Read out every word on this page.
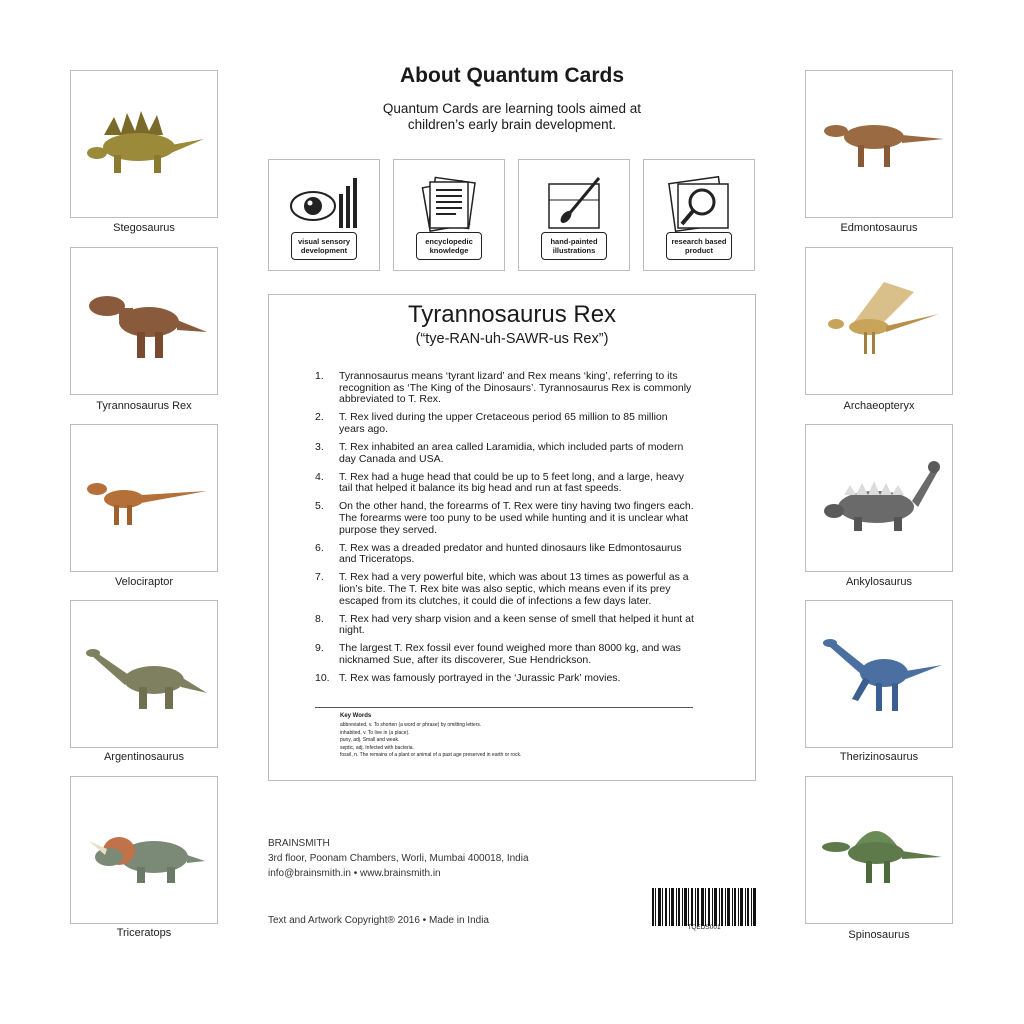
About Quantum Cards
Quantum Cards are learning tools aimed at
children’s early brain development.
visual sensory development
encyclopedic knowledge
hand-painted illustrations
research based product
Stegosaurus
Tyrannosaurus Rex
Velociraptor
Argentinosaurus
Triceratops
Edmontosaurus
Archaeopteryx
Ankylosaurus
Therizinosaurus
Spinosaurus
Tyrannosaurus Rex
(“tye-RAN-uh-SAWR-us Rex”)
1. Tyrannosaurus means ‘tyrant lizard’ and Rex means ‘king’, referring to its recognition as ‘The King of the Dinosaurs’. Tyrannosaurus Rex is commonly abbreviated to T. Rex.
2. T. Rex lived during the upper Cretaceous period 65 million to 85 million years ago.
3. T. Rex inhabited an area called Laramidia, which included parts of modern day Canada and USA.
4. T. Rex had a huge head that could be up to 5 feet long, and a large, heavy tail that helped it balance its big head and run at fast speeds.
5. On the other hand, the forearms of T. Rex were tiny having two fingers each. The forearms were too puny to be used while hunting and it is unclear what purpose they served.
6. T. Rex was a dreaded predator and hunted dinosaurs like Edmontosaurus and Triceratops.
7. T. Rex had a very powerful bite, which was about 13 times as powerful as a lion’s bite. The T. Rex bite was also septic, which means even if its prey escaped from its clutches, it could die of infections a few days later.
8. T. Rex had very sharp vision and a keen sense of smell that helped it hunt at night.
9. The largest T. Rex fossil ever found weighed more than 8000 kg, and was nicknamed Sue, after its discoverer, Sue Hendrickson.
10. T. Rex was famously portrayed in the ‘Jurassic Park’ movies.
Key Words
abbreviated, v. To shorten (a word or phrase) by omitting letters.
inhabited, v. To live in (a place).
puny, adj. Small and weak.
septic, adj. Infected with bacteria.
fossil, n. The remains of a plant or animal of a past age preserved in earth or rock.
BRAINSMITH
3rd floor, Poonam Chambers, Worli, Mumbai 400018, India
info@brainsmith.in • www.brainsmith.in
Text and Artwork Copyright® 2016 • Made in India
TQEDS001
